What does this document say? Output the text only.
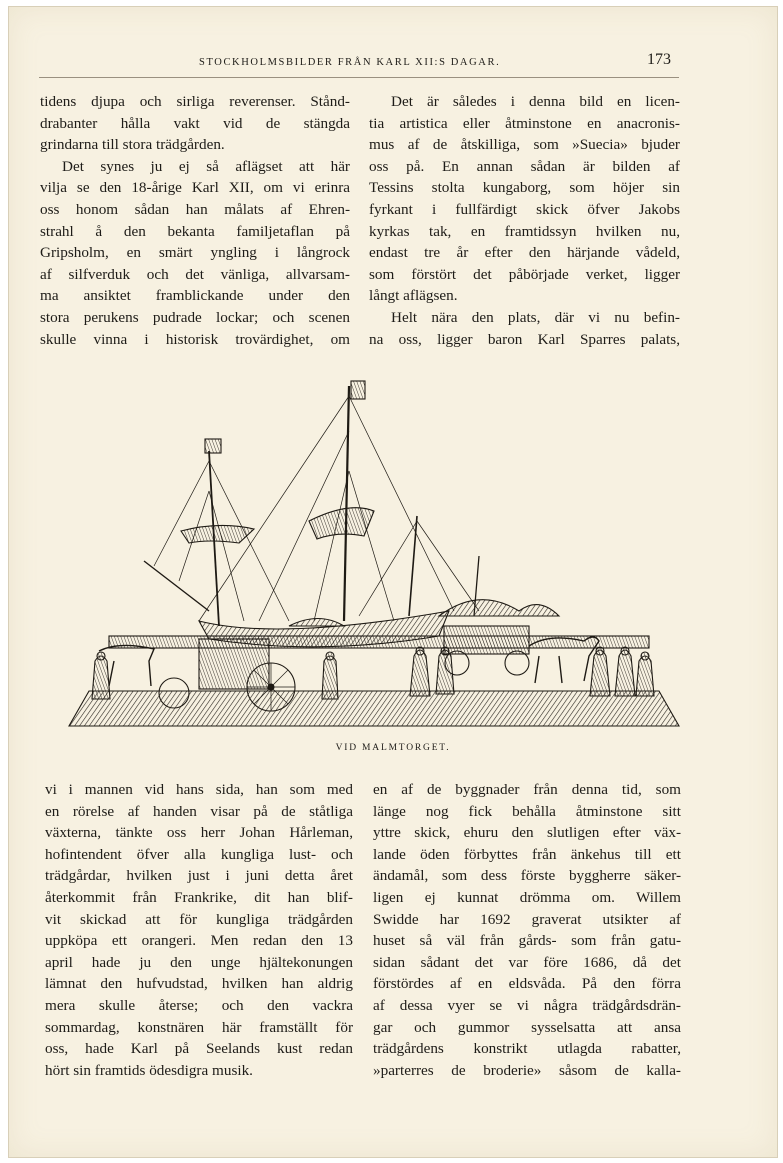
STOCKHOLMSBILDER FRÅN KARL XII:S DAGAR.	173
tidens djupa och sirliga reverenser. Stånd-
drabanter hålla vakt vid de stängda
grindarna till stora trädgården.
Det synes ju ej så aflägset att här
vilja se den 18-årige Karl XII, om vi erinra
oss honom sådan han målats af Ehren-
strahl å den bekanta familjetaflan på
Gripsholm, en smärt yngling i långrock
af silfverduk och det vänliga, allvarsam-
ma ansiktet framblickande under den
stora perukens pudrade lockar; och scenen
skulle vinna i historisk trovärdighet, om
Det är således i denna bild en licen-
tia artistica eller åtminstone en anacronis-
mus af de åtskilliga, som »Suecia» bjuder
oss på. En annan sådan är bilden af
Tessins stolta kungaborg, som höjer sin
fyrkant i fullfärdigt skick öfver Jakobs
kyrkas tak, en framtidssyn hvilken nu,
endast tre år efter den härjande vådeld,
som förstört det påbörjade verket, ligger
långt aflägsen.
Helt nära den plats, där vi nu befin-
na oss, ligger baron Karl Sparres palats,
VID MALMTORGET.
vi i mannen vid hans sida, han som med
en rörelse af handen visar på de ståtliga
växterna, tänkte oss herr Johan Hårleman,
hofintendent öfver alla kungliga lust- och
trädgårdar, hvilken just i juni detta året
återkommit från Frankrike, dit han blif-
vit skickad att för kungliga trädgården
uppköpa ett orangeri. Men redan den 13
april hade ju den unge hjältekonungen
lämnat den hufvudstad, hvilken han aldrig
mera skulle återse; och den vackra
sommardag, konstnären här framställt för
oss, hade Karl på Seelands kust redan
hört sin framtids ödesdigra musik.
en af de byggnader från denna tid, som
länge nog fick behålla åtminstone sitt
yttre skick, ehuru den slutligen efter väx-
lande öden förbyttes från änkehus till ett
ändamål, som dess förste byggherre säker-
ligen ej kunnat drömma om. Willem
Swidde har 1692 graverat utsikter af
huset så väl från gårds- som från gatu-
sidan sådant det var före 1686, då det
förstördes af en eldsvåda. På den förra
af dessa vyer se vi några trädgårdsdrän-
gar och gummor sysselsatta att ansa
trädgårdens konstrikt utlagda rabatter,
»parterres de broderie» såsom de kalla-
